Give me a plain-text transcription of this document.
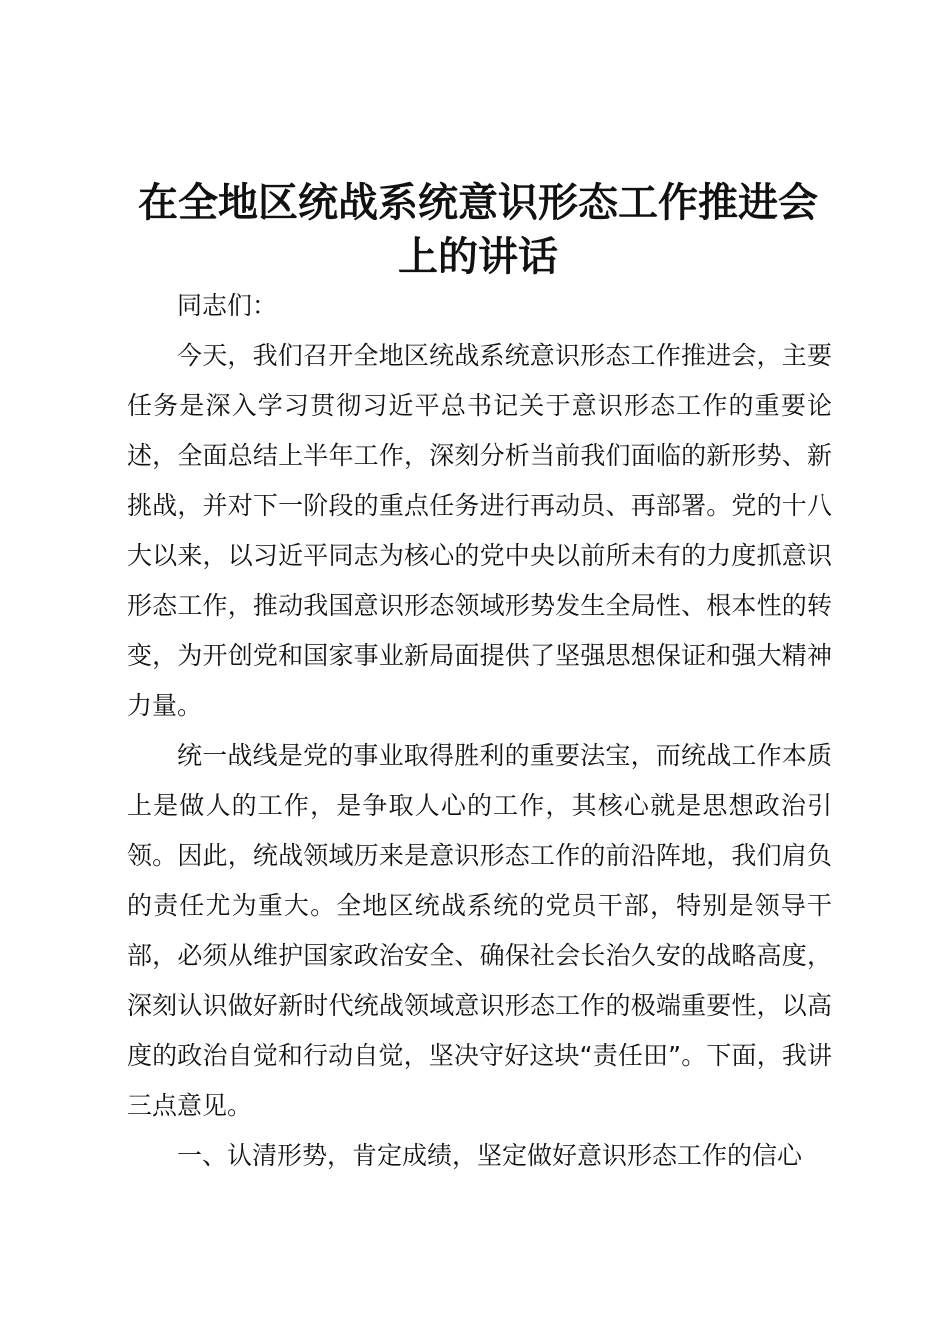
在全地区统战系统意识形态工作推进会
上的讲话

同志们：

今天，我们召开全地区统战系统意识形态工作推进会，主要任务是深入学习贯彻习近平总书记关于意识形态工作的重要论述，全面总结上半年工作，深刻分析当前我们面临的新形势、新挑战，并对下一阶段的重点任务进行再动员、再部署。党的十八大以来，以习近平同志为核心的党中央以前所未有的力度抓意识形态工作，推动我国意识形态领域形势发生全局性、根本性的转变，为开创党和国家事业新局面提供了坚强思想保证和强大精神力量。

统一战线是党的事业取得胜利的重要法宝，而统战工作本质上是做人的工作，是争取人心的工作，其核心就是思想政治引领。因此，统战领域历来是意识形态工作的前沿阵地，我们肩负的责任尤为重大。全地区统战系统的党员干部，特别是领导干部，必须从维护国家政治安全、确保社会长治久安的战略高度，深刻认识做好新时代统战领域意识形态工作的极端重要性，以高度的政治自觉和行动自觉，坚决守好这块“责任田”。下面，我讲三点意见。

一、认清形势，肯定成绩，坚定做好意识形态工作的信心
